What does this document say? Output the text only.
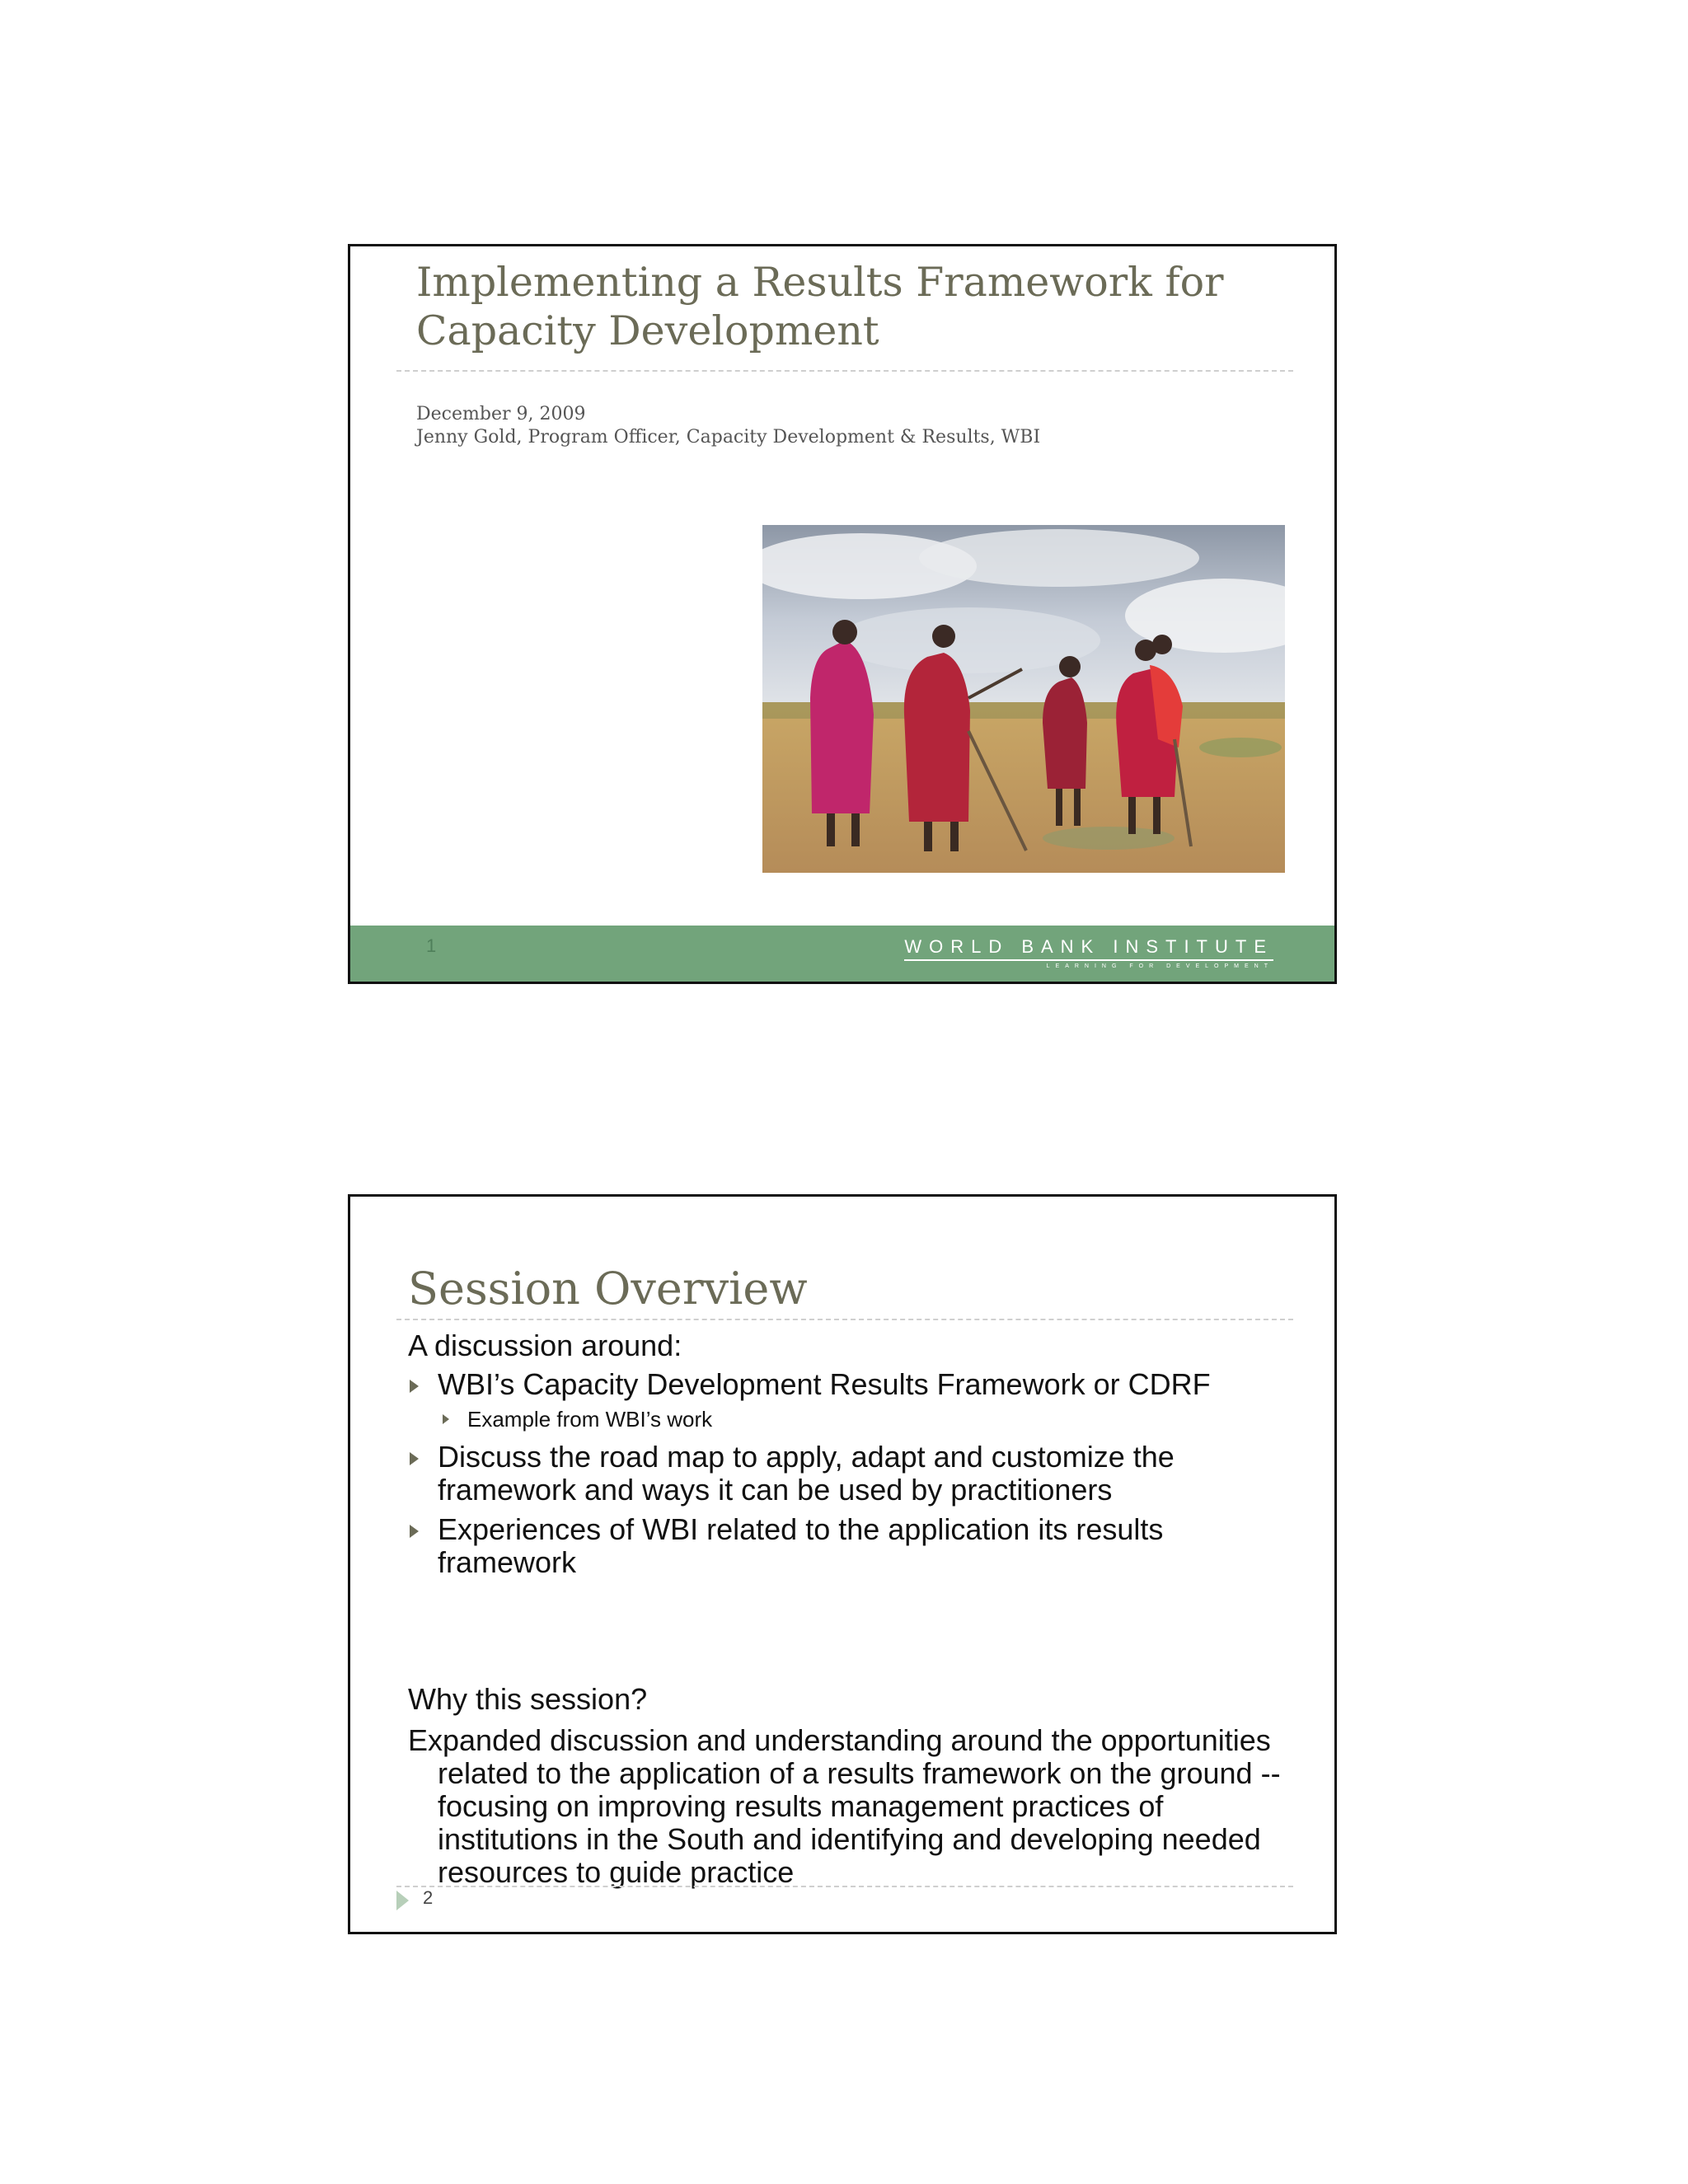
Implementing a Results Framework for Capacity Development
December 9, 2009
Jenny Gold, Program Officer, Capacity Development & Results, WBI
1	WORLD BANK INSTITUTE
LEARNING FOR DEVELOPMENT
Session Overview

A discussion around:

WBI’s Capacity Development Results Framework or CDRF
Example from WBI’s work
Discuss the road map to apply, adapt and customize the framework and ways it can be used by practitioners
Experiences of WBI related to the application its results framework

Why this session?

Expanded discussion and understanding around the opportunities related to the application of a results framework on the ground -- focusing on improving results management practices of institutions in the South and identifying and developing needed resources to guide practice

2
